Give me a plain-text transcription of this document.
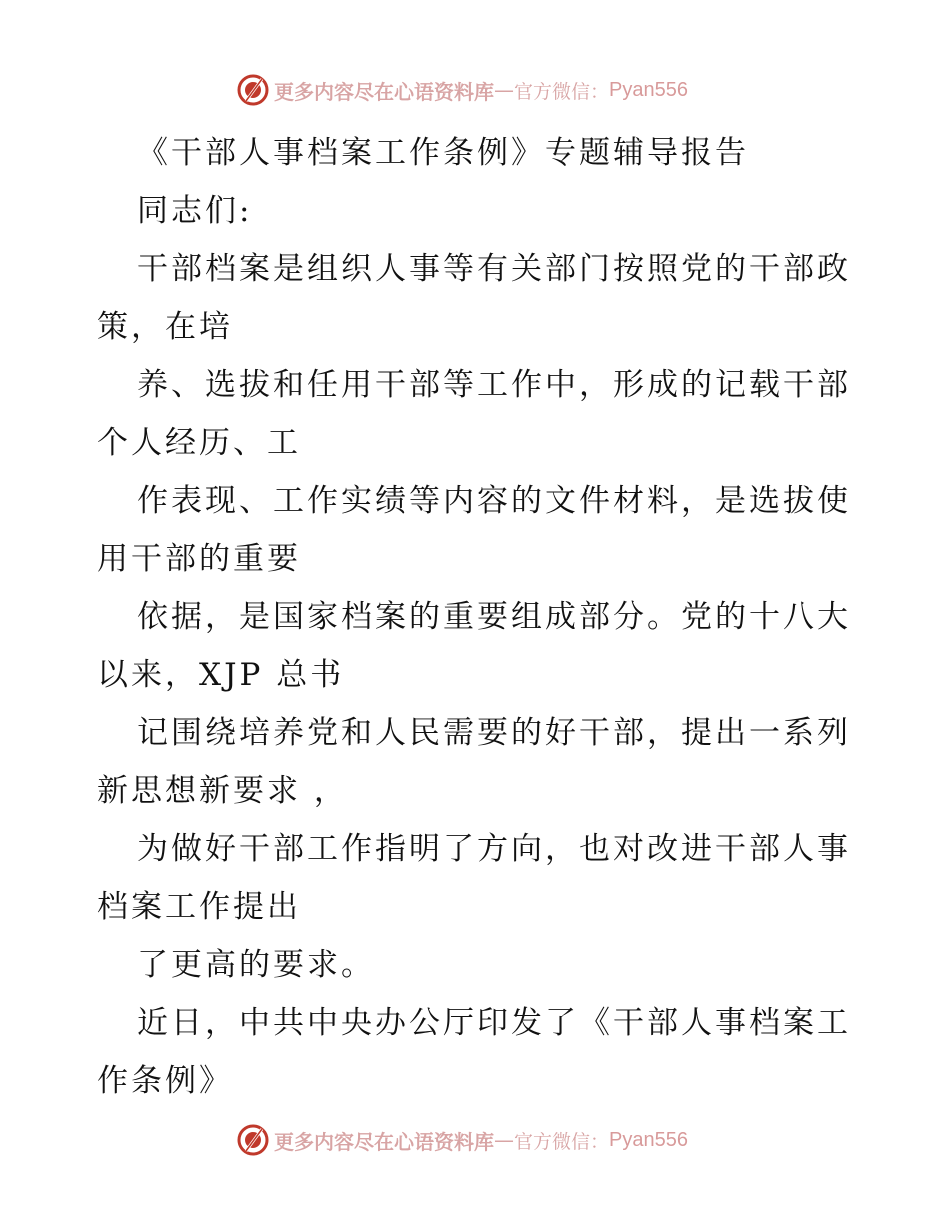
更多内容尽在心语资料库 — 官方微信： Pyan556
《干部人事档案工作条例》专题辅导报告
同志们:
干部档案是组织人事等有关部门按照党的干部政
策，在培
养、选拔和任用干部等工作中，形成的记载干部
个人经历、工
作表现、工作实绩等内容的文件材料，是选拔使
用干部的重要
依据，是国家档案的重要组成部分。党的十八大
以来，XJP 总书
记围绕培养党和人民需要的好干部，提出一系列
新思想新要求 ，
为做好干部工作指明了方向，也对改进干部人事
档案工作提出
了更高的要求。
近日，中共中央办公厅印发了《干部人事档案工
作条例》
更多内容尽在心语资料库 — 官方微信： Pyan556
